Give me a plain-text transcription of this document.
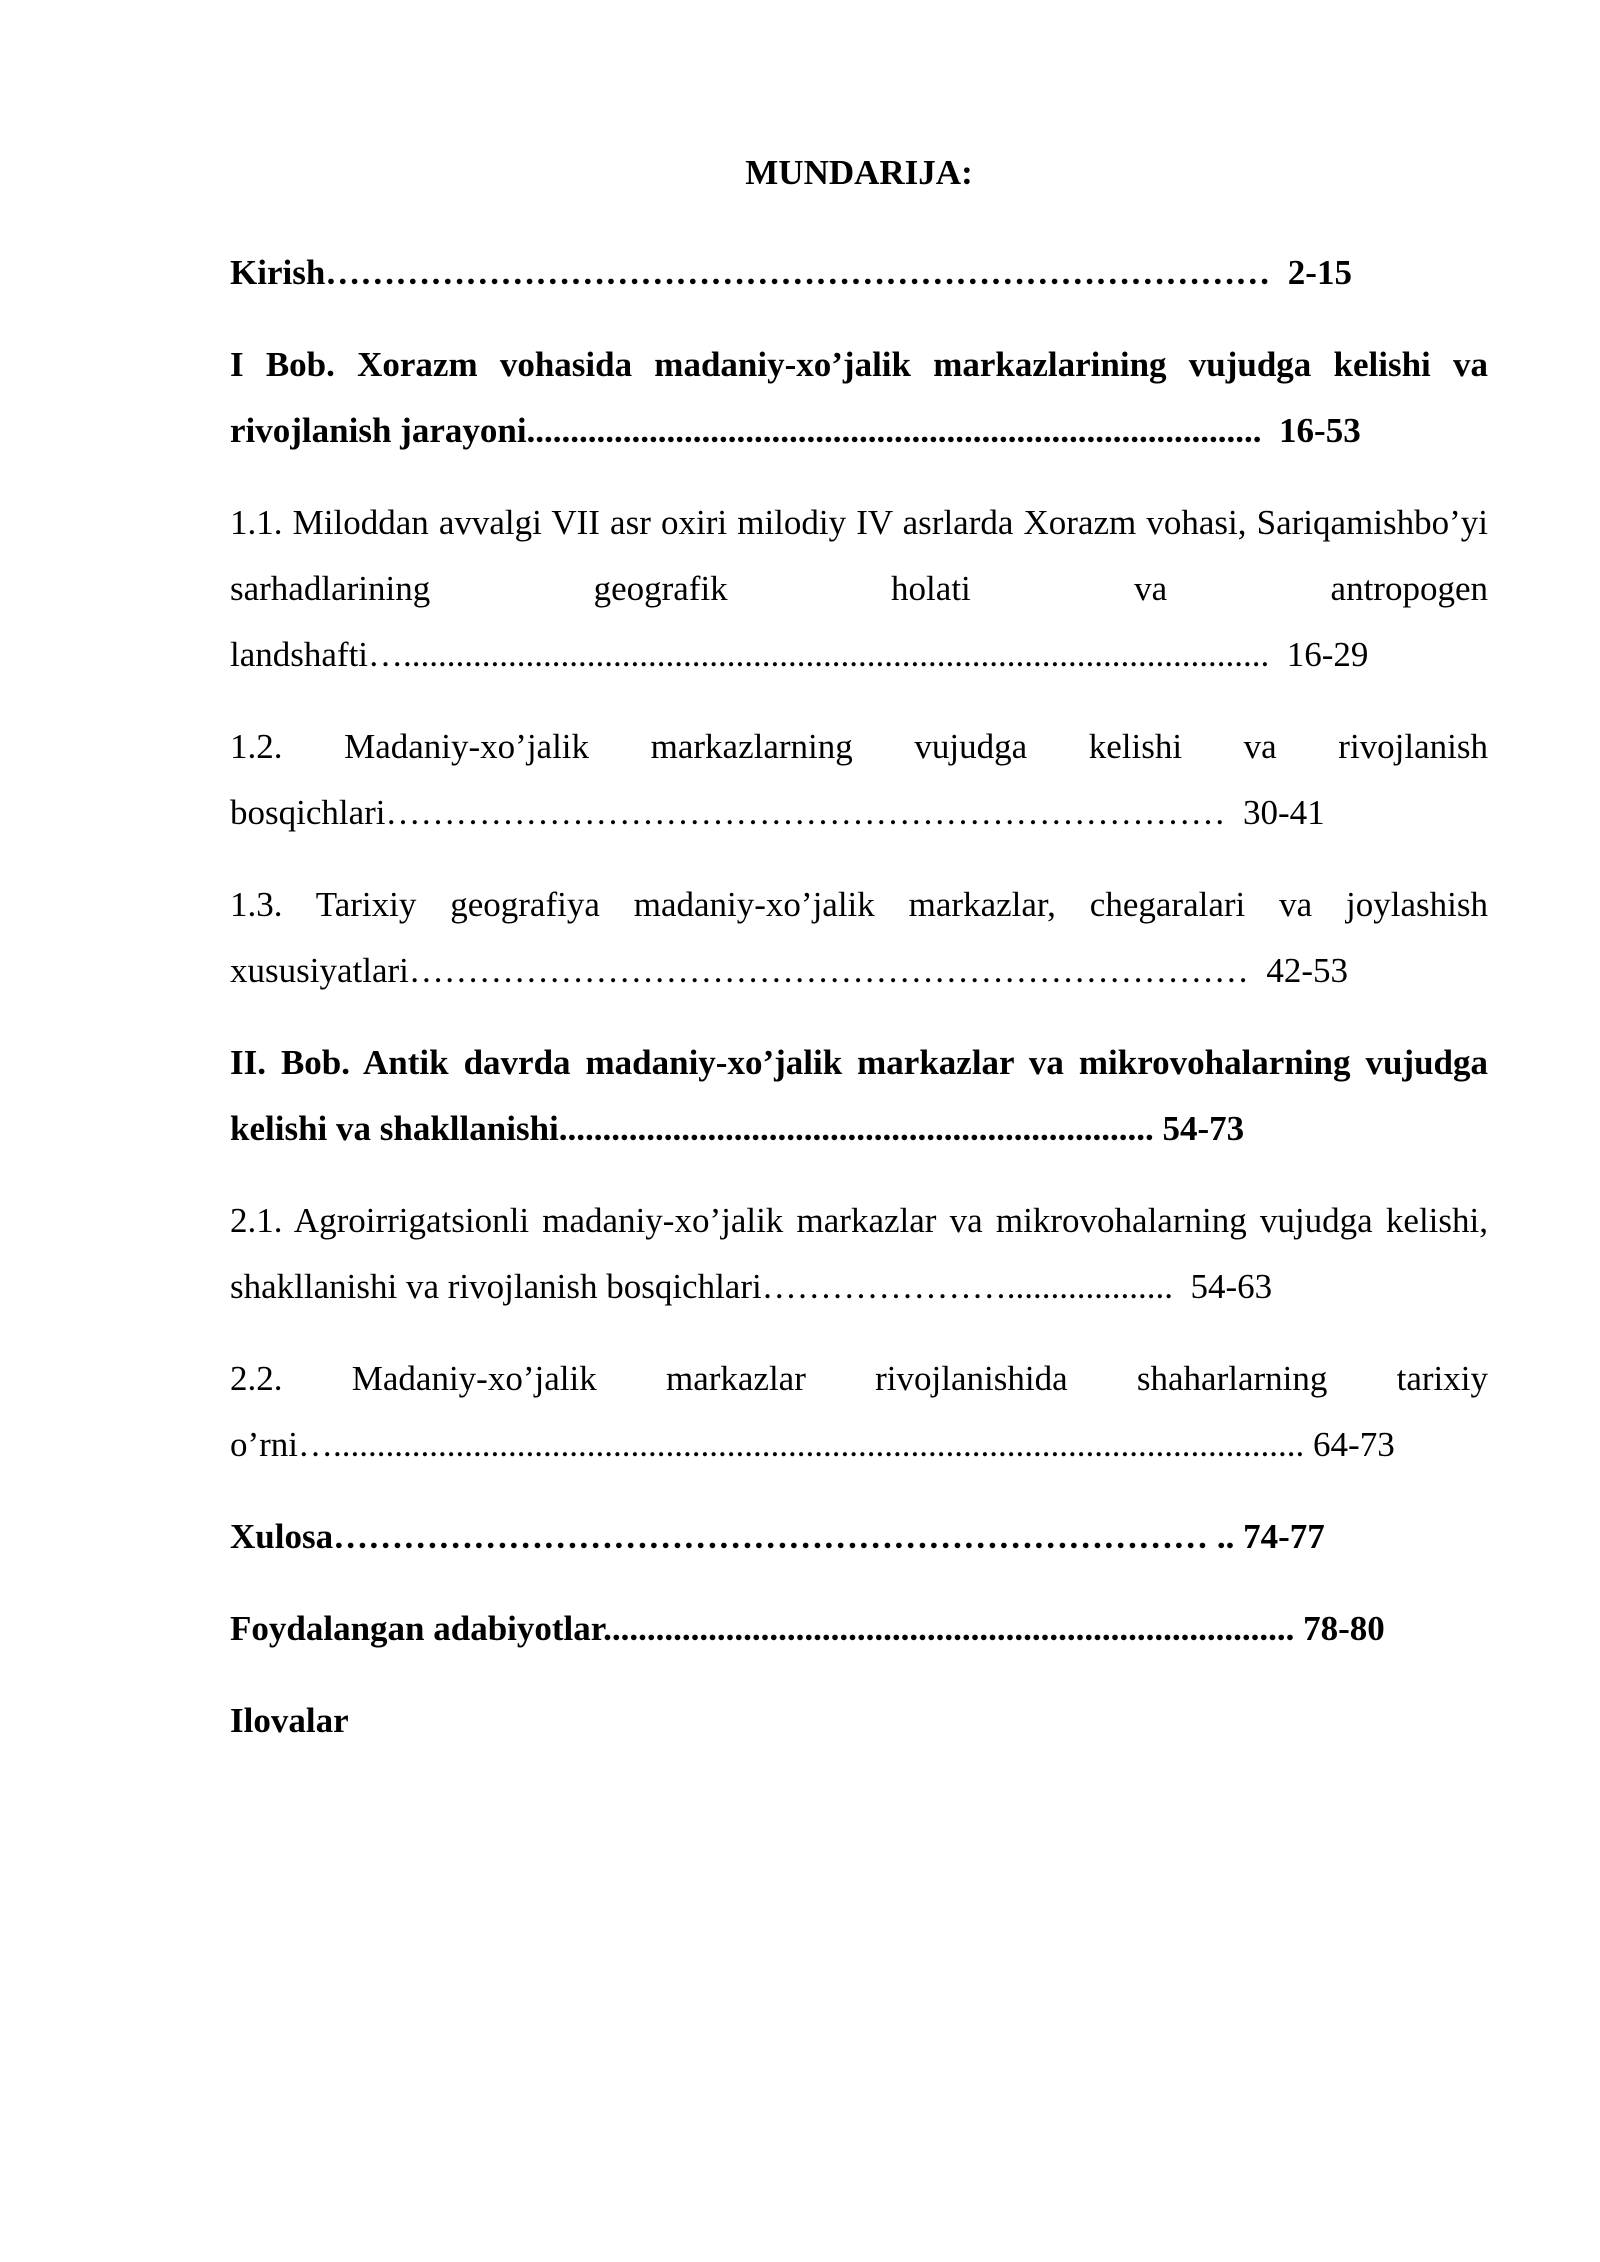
MUNDARIJA:

Kirish………………………………………………………………………  2-15

I Bob. Xorazm vohasida madaniy-xo’jalik markazlarining vujudga kelishi va rivojlanish jarayoni....................................................................................  16-53

1.1. Miloddan avvalgi VII asr oxiri milodiy IV asrlarda Xorazm vohasi, Sariqamishbo’yi sarhadlarining geografik holati va antropogen landshafti…...................................................................................................  16-29

1.2. Madaniy-xo’jalik markazlarning vujudga kelishi va rivojlanish bosqichlari………………………………………………………………  30-41

1.3. Tarixiy geografiya madaniy-xo’jalik markazlar, chegaralari va joylashish xususiyatlari………………………………………………………………  42-53

II. Bob. Antik davrda madaniy-xo’jalik markazlar va mikrovohalarning vujudga kelishi va shakllanishi.................................................................... 54-73

2.1. Agroirrigatsionli madaniy-xo’jalik markazlar va mikrovohalarning vujudga kelishi, shakllanishi va rivojlanish bosqichlari…………………...................  54-63

2.2. Madaniy-xo’jalik markazlar rivojlanishida shaharlarning tarixiy o’rni…............................................................................................................... 64-73

Xulosa………………………………………………………………… .. 74-77

Foydalangan adabiyotlar............................................................................... 78-80

Ilovalar
